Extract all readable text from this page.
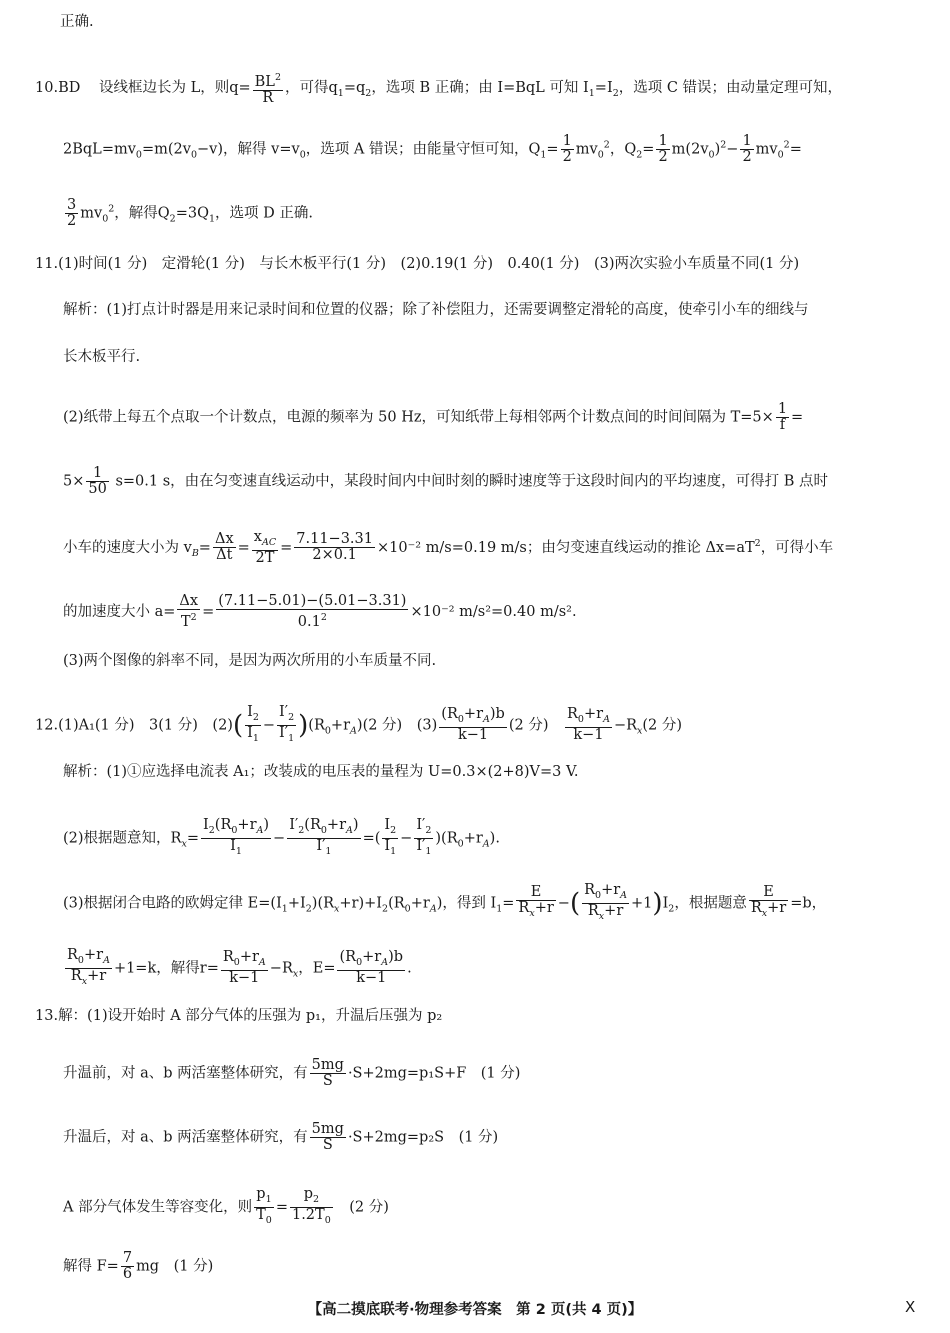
正确.
10.BD 设线框边长为 L，则$q= \frac{BL^2}{R}$ ，可得$q_1=q_2$，选项 B 正确；由 I=BqL 可知 $I_1=I_2$，选项 C 错误；由动量定理可知，
$2BqL=mv_0=m(2v_0-v)$，解得 $v=v_0$，选项 A 错误；由能量守恒可知，$Q_1= \frac{1}{2} mv_0^2$，$Q_2= \frac{1}{2} m(2v_0)^2- \frac{1}{2} mv_0^2=$
$\frac{3}{2} mv_0^2$，解得$Q_2=3Q_1$，选项 D 正确.
11.(1)时间(1 分)　定滑轮(1 分)　与长木板平行(1 分)　(2)0.19(1 分)　0.40(1 分)　(3)两次实验小车质量不同(1 分)
解析：(1)打点计时器是用来记录时间和位置的仪器；除了补偿阻力，还需要调整定滑轮的高度，使牵引小车的细线与
长木板平行.
(2)纸带上每五个点取一个计数点，电源的频率为 50 Hz，可知纸带上每相邻两个计数点间的时间间隔为 $T=5\times \frac{1}{f}$ =
$5\times \frac{1}{50} s=0.1$ s，由在匀变速直线运动中，某段时间内中间时刻的瞬时速度等于这段时间内的平均速度，可得打 B 点时
小车的速度大小为 $v_B= \frac{\Delta x}{\Delta t} = \frac{x_{AC}}{2T} = \frac{7.11-3.31}{2\times 0.1} \times 10^{-2}$ m/s=0.19 m/s；由匀变速直线运动的推论 $\Delta x=aT^2$，可得小车
的加速度大小 $a= \frac{\Delta x}{T^2} = \frac{(7.11-5.01)-(5.01-3.31)}{0.1^2} \times 10^{-2}$ m/s²=0.40 m/s².
(3)两个图像的斜率不同，是因为两次所用的小车质量不同.
12.(1)A₁(1 分)　3(1 分)　$(2)( \frac{I_2}{I_1} - \frac{I'_2}{I'_1} )(R_0+r_A)(2$ 分)　$(3) \frac{(R_0+r_A)b}{k-1} (2$ 分)　 $\frac{R_0+r_A}{k-1} -R_x(2$ 分)
解析：(1)①应选择电流表 A₁；改装成的电压表的量程为 U=0.3×(2+8)V=3 V.
(2)根据题意知，$R_x= \frac{I_2(R_0+r_A)}{I_1} - \frac{I'_2(R_0+r_A)}{I'_1}$ =( $\frac{I_2}{I_1} - \frac{I'_2}{I'_1} )(R_0+r_A)$.
(3)根据闭合电路的欧姆定律 $E=(I_1+I_2)(R_x+r)+I_2(R_0+r_A)$，得到 $I_1= \frac{E}{R_x+r}$ −( $\frac{R_0+r_A}{R_x+r} +1)I_2$，根据题意 $\frac{E}{R_x+r} =b$，
$\frac{R_0+r_A}{R_x+r} +1=k$，解得$r= \frac{R_0+r_A}{k-1} -R_x$，$E= \frac{(R_0+r_A)b}{k-1}$ .
13.解：(1)设开始时 A 部分气体的压强为 p₁，升温后压强为 p₂
升温前，对 a、b 两活塞整体研究，有 $\frac{5mg}{S} \cdot S+2mg=p_1S+F$　(1 分)
升温后，对 a、b 两活塞整体研究，有 $\frac{5mg}{S} \cdot S+2mg=p_2S$　(1 分)
A 部分气体发生等容变化，则 $\frac{p_1}{T_0} = \frac{p_2}{1.2T_0}$ 　(2 分)
解得 $F= \frac{7}{6}$ mg　(1 分)
【高二摸底联考·物理参考答案　第 2 页(共 4 页)】	X
